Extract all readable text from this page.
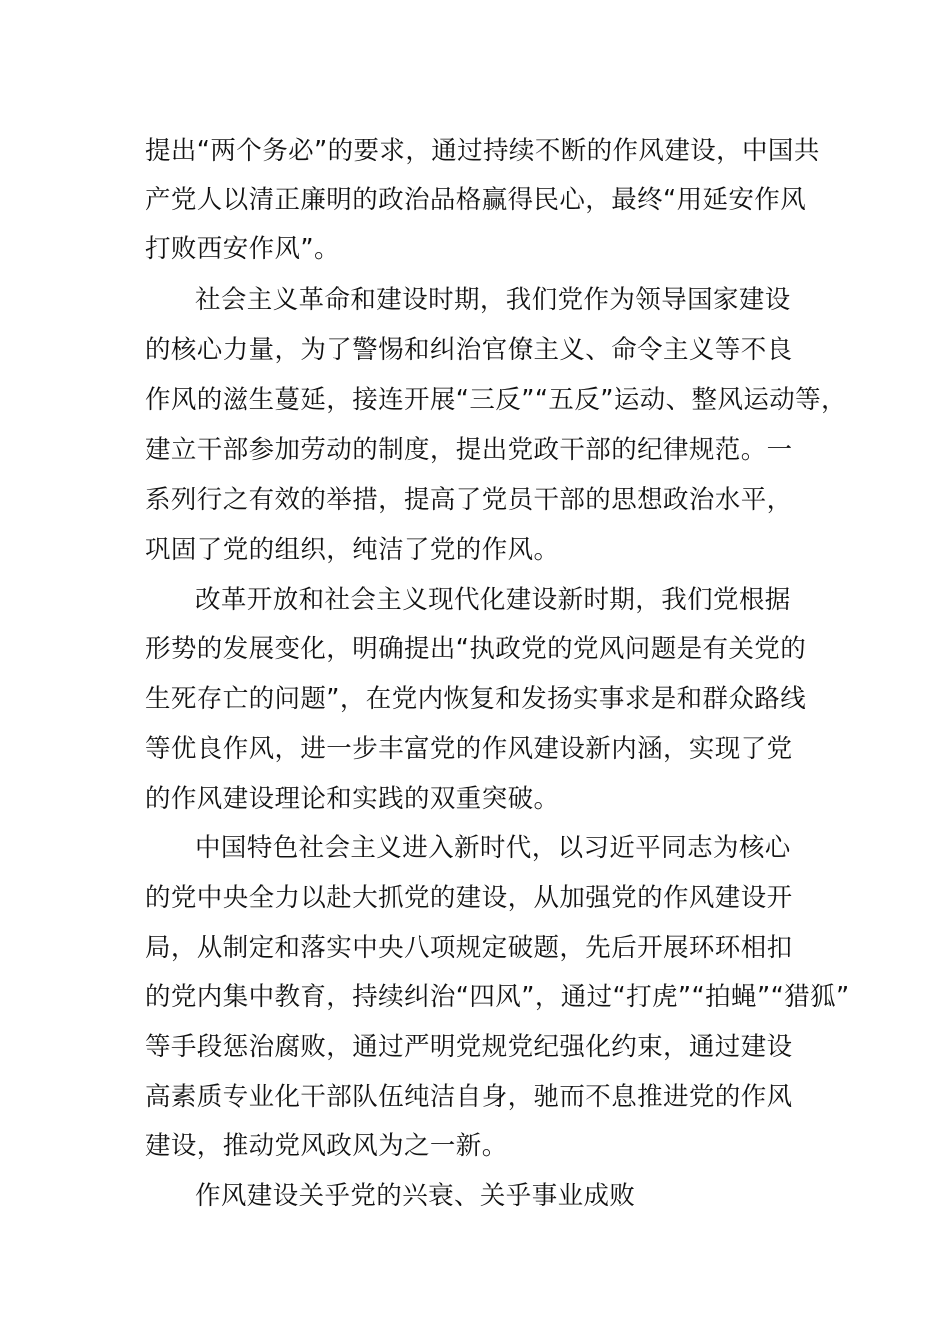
提出“两个务必”的要求，通过持续不断的作风建设，中国共
产党人以清正廉明的政治品格赢得民心，最终“用延安作风
打败西安作风”。
社会主义革命和建设时期，我们党作为领导国家建设
的核心力量，为了警惕和纠治官僚主义、命令主义等不良
作风的滋生蔓延，接连开展“三反”“五反”运动、整风运动等，
建立干部参加劳动的制度，提出党政干部的纪律规范。一
系列行之有效的举措，提高了党员干部的思想政治水平，
巩固了党的组织，纯洁了党的作风。
改革开放和社会主义现代化建设新时期，我们党根据
形势的发展变化，明确提出“执政党的党风问题是有关党的
生死存亡的问题”，在党内恢复和发扬实事求是和群众路线
等优良作风，进一步丰富党的作风建设新内涵，实现了党
的作风建设理论和实践的双重突破。
中国特色社会主义进入新时代，以习近平同志为核心
的党中央全力以赴大抓党的建设，从加强党的作风建设开
局，从制定和落实中央八项规定破题，先后开展环环相扣
的党内集中教育，持续纠治“四风”，通过“打虎”“拍蝇”“猎狐”
等手段惩治腐败，通过严明党规党纪强化约束，通过建设
高素质专业化干部队伍纯洁自身，驰而不息推进党的作风
建设，推动党风政风为之一新。
作风建设关乎党的兴衰、关乎事业成败
